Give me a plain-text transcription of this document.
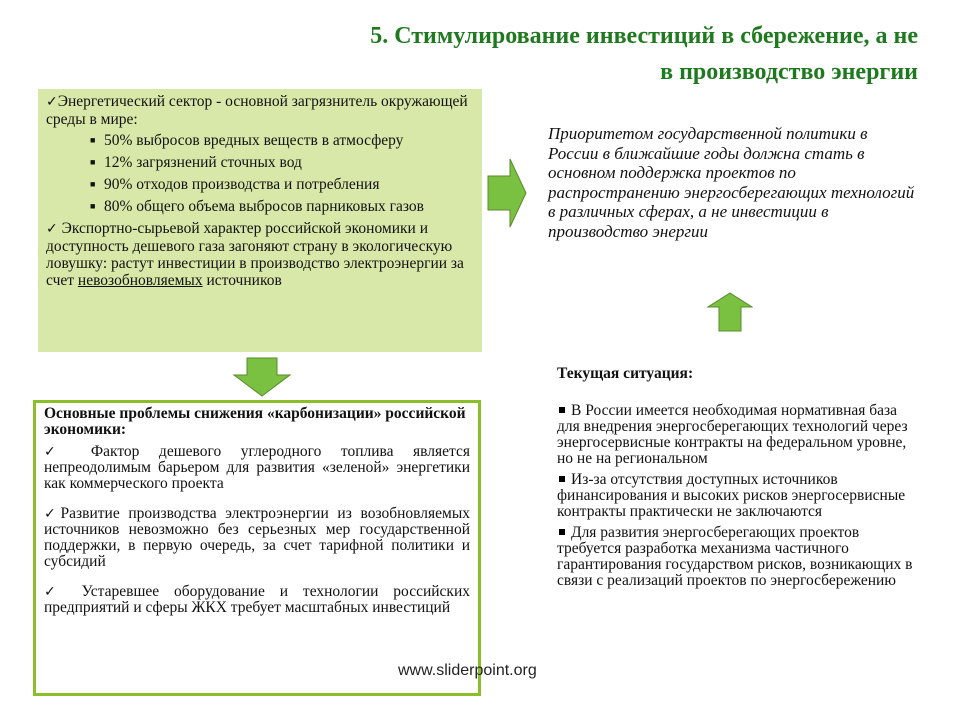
5. Стимулирование инвестиций в сбережение, а не
в производство энергии

✓Энергетический сектор - основной загрязнитель окружающей среды в мире:

■ 50% выбросов вредных веществ в атмосферу
■ 12% загрязнений сточных вод
■ 90% отходов производства и потребления
■ 80% общего объема выбросов парниковых газов

✓ Экспортно-сырьевой характер российской экономики и доступность дешевого газа загоняют страну в экологическую ловушку: растут инвестиции в производство электроэнергии за счет невозобновляемых источников

Основные проблемы снижения «карбонизации» российской экономики:

✓ Фактор дешевого углеродного топлива является непреодолимым барьером для развития «зеленой» энергетики как коммерческого проекта

✓Развитие производства электроэнергии из возобновляемых источников невозможно без серьезных мер государственной поддержки, в первую очередь, за счет тарифной политики и субсидий

✓ Устаревшее оборудование и технологии российских предприятий и сферы ЖКХ требует масштабных инвестиций

Приоритетом государственной политики в России в ближайшие годы должна стать в основном поддержка проектов по распространению энергосберегающих технологий в различных сферах, а не инвестиции в производство энергии
Текущая ситуация:

В России имеется необходимая нормативная база для внедрения энергосберегающих технологий через энергосервисные контракты на федеральном уровне, но не на региональном

Из-за отсутствия доступных источников финансирования и высоких рисков энергосервисные контракты практически не заключаются

Для развития энергосберегающих проектов требуется разработка механизма частичного гарантирования государством рисков, возникающих в связи с реализаций проектов по энергосбережению

www.sliderpoint.org
